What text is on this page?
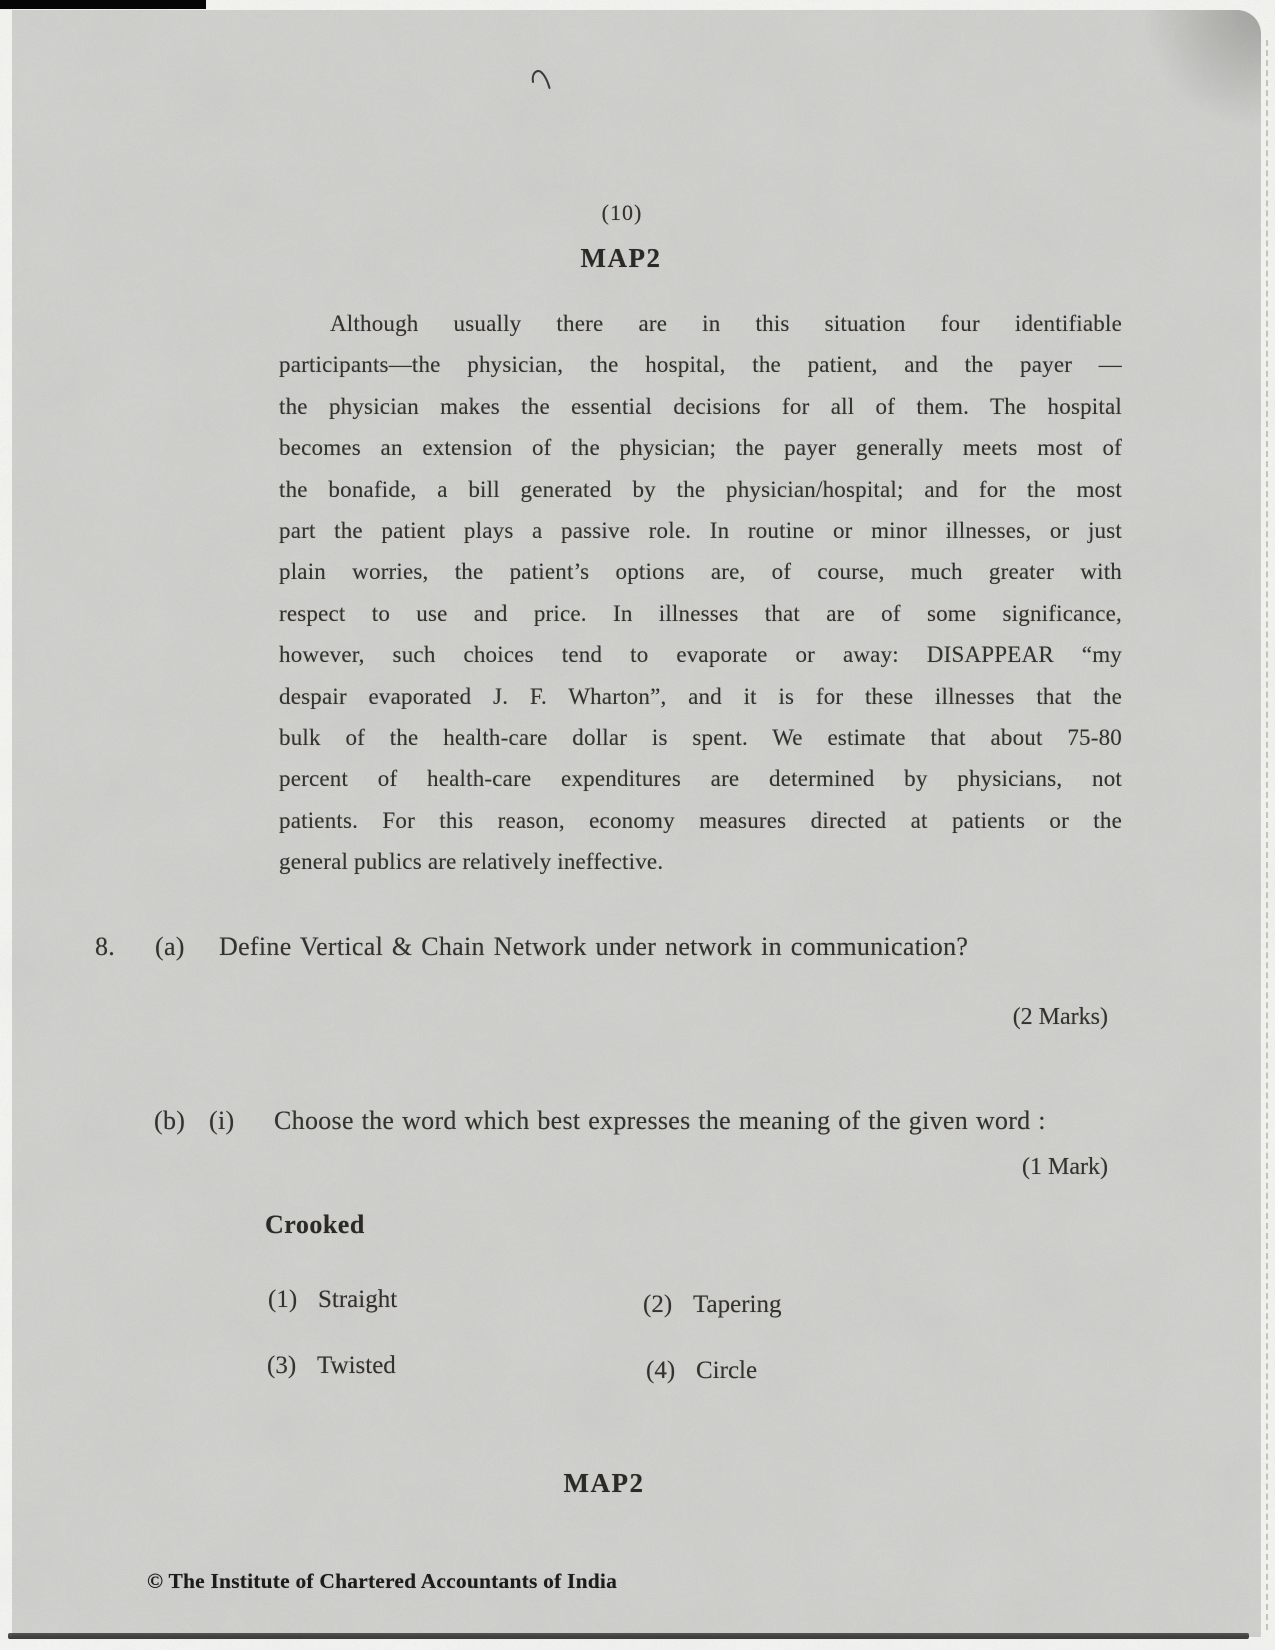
(10)
MAP2
Although usually there are in this situation four identifiable
participants—the physician, the hospital, the patient, and the payer —
the physician makes the essential decisions for all of them. The hospital
becomes an extension of the physician; the payer generally meets most of
the bonafide, a bill generated by the physician/hospital; and for the most
part the patient plays a passive role. In routine or minor illnesses, or just
plain worries, the patient’s options are, of course, much greater with
respect to use and price. In illnesses that are of some significance,
however, such choices tend to evaporate or away: DISAPPEAR “my
despair evaporated J. F. Wharton”, and it is for these illnesses that the
bulk of the health-care dollar is spent. We estimate that about 75-80
percent of health-care expenditures are determined by physicians, not
patients. For this reason, economy measures directed at patients or the
general publics are relatively ineffective.
8. (a) Define Vertical & Chain Network under network in communication?
(2 Marks)
(b) (i) Choose the word which best expresses the meaning of the given word :
(1 Mark)
Crooked
(1) Straight	(2) Tapering
(3) Twisted	(4) Circle
MAP2
© The Institute of Chartered Accountants of India
